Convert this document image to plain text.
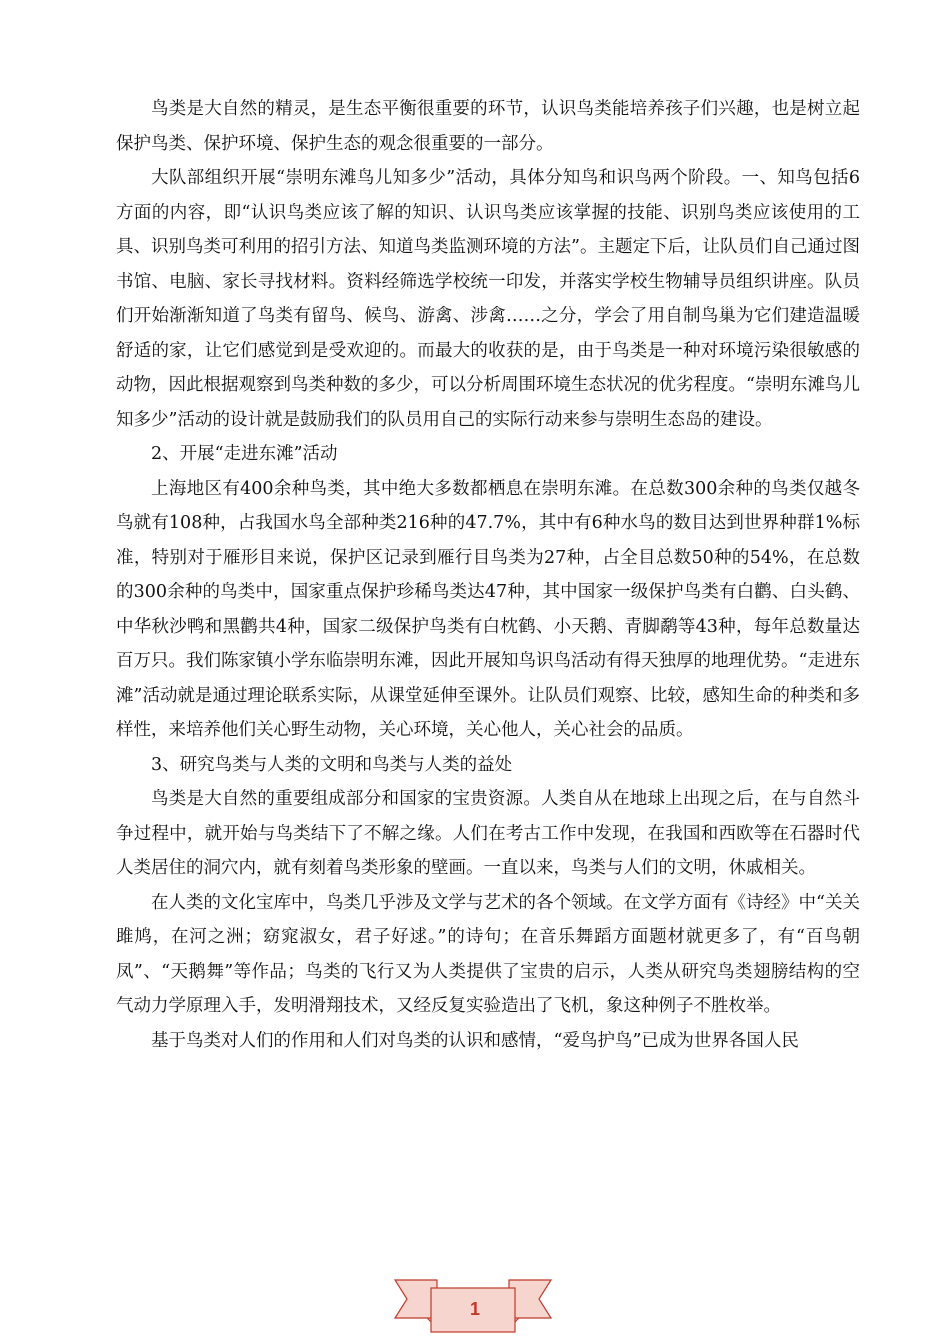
鸟类是大自然的精灵，是生态平衡很重要的环节，认识鸟类能培养孩子们兴趣，也是树立起保护鸟类、保护环境、保护生态的观念很重要的一部分。

大队部组织开展“崇明东滩鸟儿知多少”活动，具体分知鸟和识鸟两个阶段。一、知鸟包括6方面的内容，即“认识鸟类应该了解的知识、认识鸟类应该掌握的技能、识别鸟类应该使用的工具、识别鸟类可利用的招引方法、知道鸟类监测环境的方法”。主题定下后，让队员们自己通过图书馆、电脑、家长寻找材料。资料经筛选学校统一印发，并落实学校生物辅导员组织讲座。队员们开始渐渐知道了鸟类有留鸟、候鸟、游禽、涉禽……之分，学会了用自制鸟巢为它们建造温暖舒适的家，让它们感觉到是受欢迎的。而最大的收获的是，由于鸟类是一种对环境污染很敏感的动物，因此根据观察到鸟类种数的多少，可以分析周围环境生态状况的优劣程度。“崇明东滩鸟儿知多少”活动的设计就是鼓励我们的队员用自己的实际行动来参与崇明生态岛的建设。

2、开展“走进东滩”活动

上海地区有400余种鸟类，其中绝大多数都栖息在崇明东滩。在总数300余种的鸟类仅越冬鸟就有108种，占我国水鸟全部种类216种的47.7%，其中有6种水鸟的数目达到世界种群1%标准，特别对于雁形目来说，保护区记录到雁行目鸟类为27种，占全目总数50种的54%，在总数的300余种的鸟类中，国家重点保护珍稀鸟类达47种，其中国家一级保护鸟类有白鹳、白头鹤、中华秋沙鸭和黑鹳共4种，国家二级保护鸟类有白枕鹤、小天鹅、青脚鹬等43种，每年总数量达百万只。我们陈家镇小学东临崇明东滩，因此开展知鸟识鸟活动有得天独厚的地理优势。“走进东滩”活动就是通过理论联系实际，从课堂延伸至课外。让队员们观察、比较，感知生命的种类和多样性，来培养他们关心野生动物，关心环境，关心他人，关心社会的品质。

3、研究鸟类与人类的文明和鸟类与人类的益处

鸟类是大自然的重要组成部分和国家的宝贵资源。人类自从在地球上出现之后，在与自然斗争过程中，就开始与鸟类结下了不解之缘。人们在考古工作中发现，在我国和西欧等在石器时代人类居住的洞穴内，就有刻着鸟类形象的壁画。一直以来，鸟类与人们的文明，休戚相关。

在人类的文化宝库中，鸟类几乎涉及文学与艺术的各个领域。在文学方面有《诗经》中“关关雎鸠，在河之洲；窈窕淑女，君子好逑。”的诗句；在音乐舞蹈方面题材就更多了，有“百鸟朝凤”、“天鹅舞”等作品；鸟类的飞行又为人类提供了宝贵的启示，人类从研究鸟类翅膀结构的空气动力学原理入手，发明滑翔技术，又经反复实验造出了飞机，象这种例子不胜枚举。

基于鸟类对人们的作用和人们对鸟类的认识和感情，“爱鸟护鸟”已成为世界各国人民

1
